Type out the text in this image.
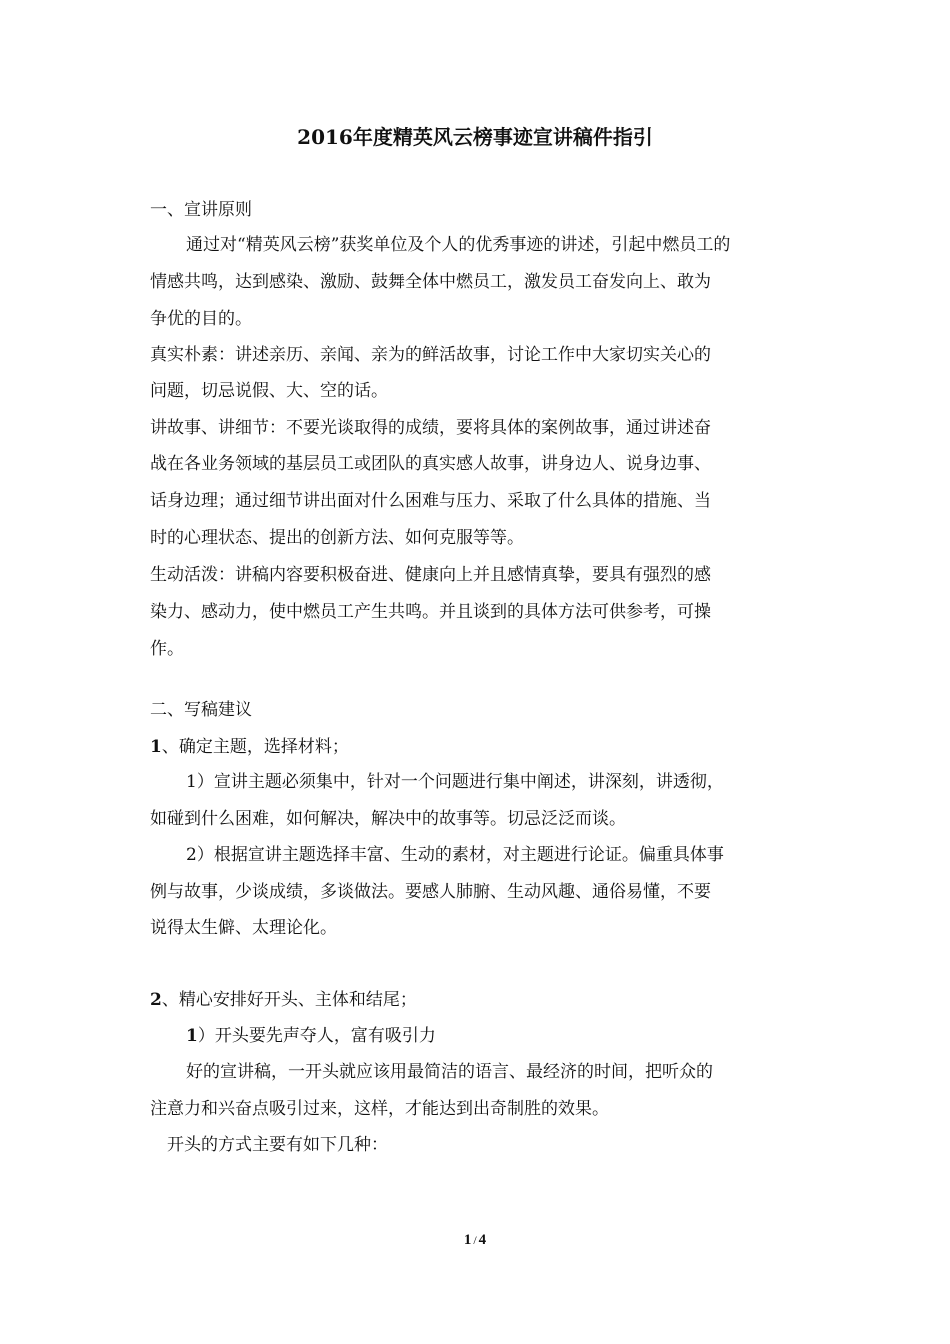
2016年度精英风云榜事迹宣讲稿件指引
一、宣讲原则
通过对“精英风云榜”获奖单位及个人的优秀事迹的讲述，引起中燃员工的
情感共鸣，达到感染、激励、鼓舞全体中燃员工，激发员工奋发向上、敢为
争优的目的。
真实朴素：讲述亲历、亲闻、亲为的鲜活故事，讨论工作中大家切实关心的
问题，切忌说假、大、空的话。
讲故事、讲细节：不要光谈取得的成绩，要将具体的案例故事，通过讲述奋
战在各业务领域的基层员工或团队的真实感人故事，讲身边人、说身边事、
话身边理；通过细节讲出面对什么困难与压力、采取了什么具体的措施、当
时的心理状态、提出的创新方法、如何克服等等。
生动活泼：讲稿内容要积极奋进、健康向上并且感情真挚，要具有强烈的感
染力、感动力，使中燃员工产生共鸣。并且谈到的具体方法可供参考，可操
作。
二、写稿建议
1、确定主题，选择材料；
1）宣讲主题必须集中，针对一个问题进行集中阐述，讲深刻，讲透彻，
如碰到什么困难，如何解决，解决中的故事等。切忌泛泛而谈。
2）根据宣讲主题选择丰富、生动的素材，对主题进行论证。偏重具体事
例与故事，少谈成绩，多谈做法。要感人肺腑、生动风趣、通俗易懂，不要
说得太生僻、太理论化。
2、精心安排好开头、主体和结尾；
1）开头要先声夺人，富有吸引力
好的宣讲稿，一开头就应该用最简洁的语言、最经济的时间，把听众的
注意力和兴奋点吸引过来，这样，才能达到出奇制胜的效果。
开头的方式主要有如下几种：
1 / 4
